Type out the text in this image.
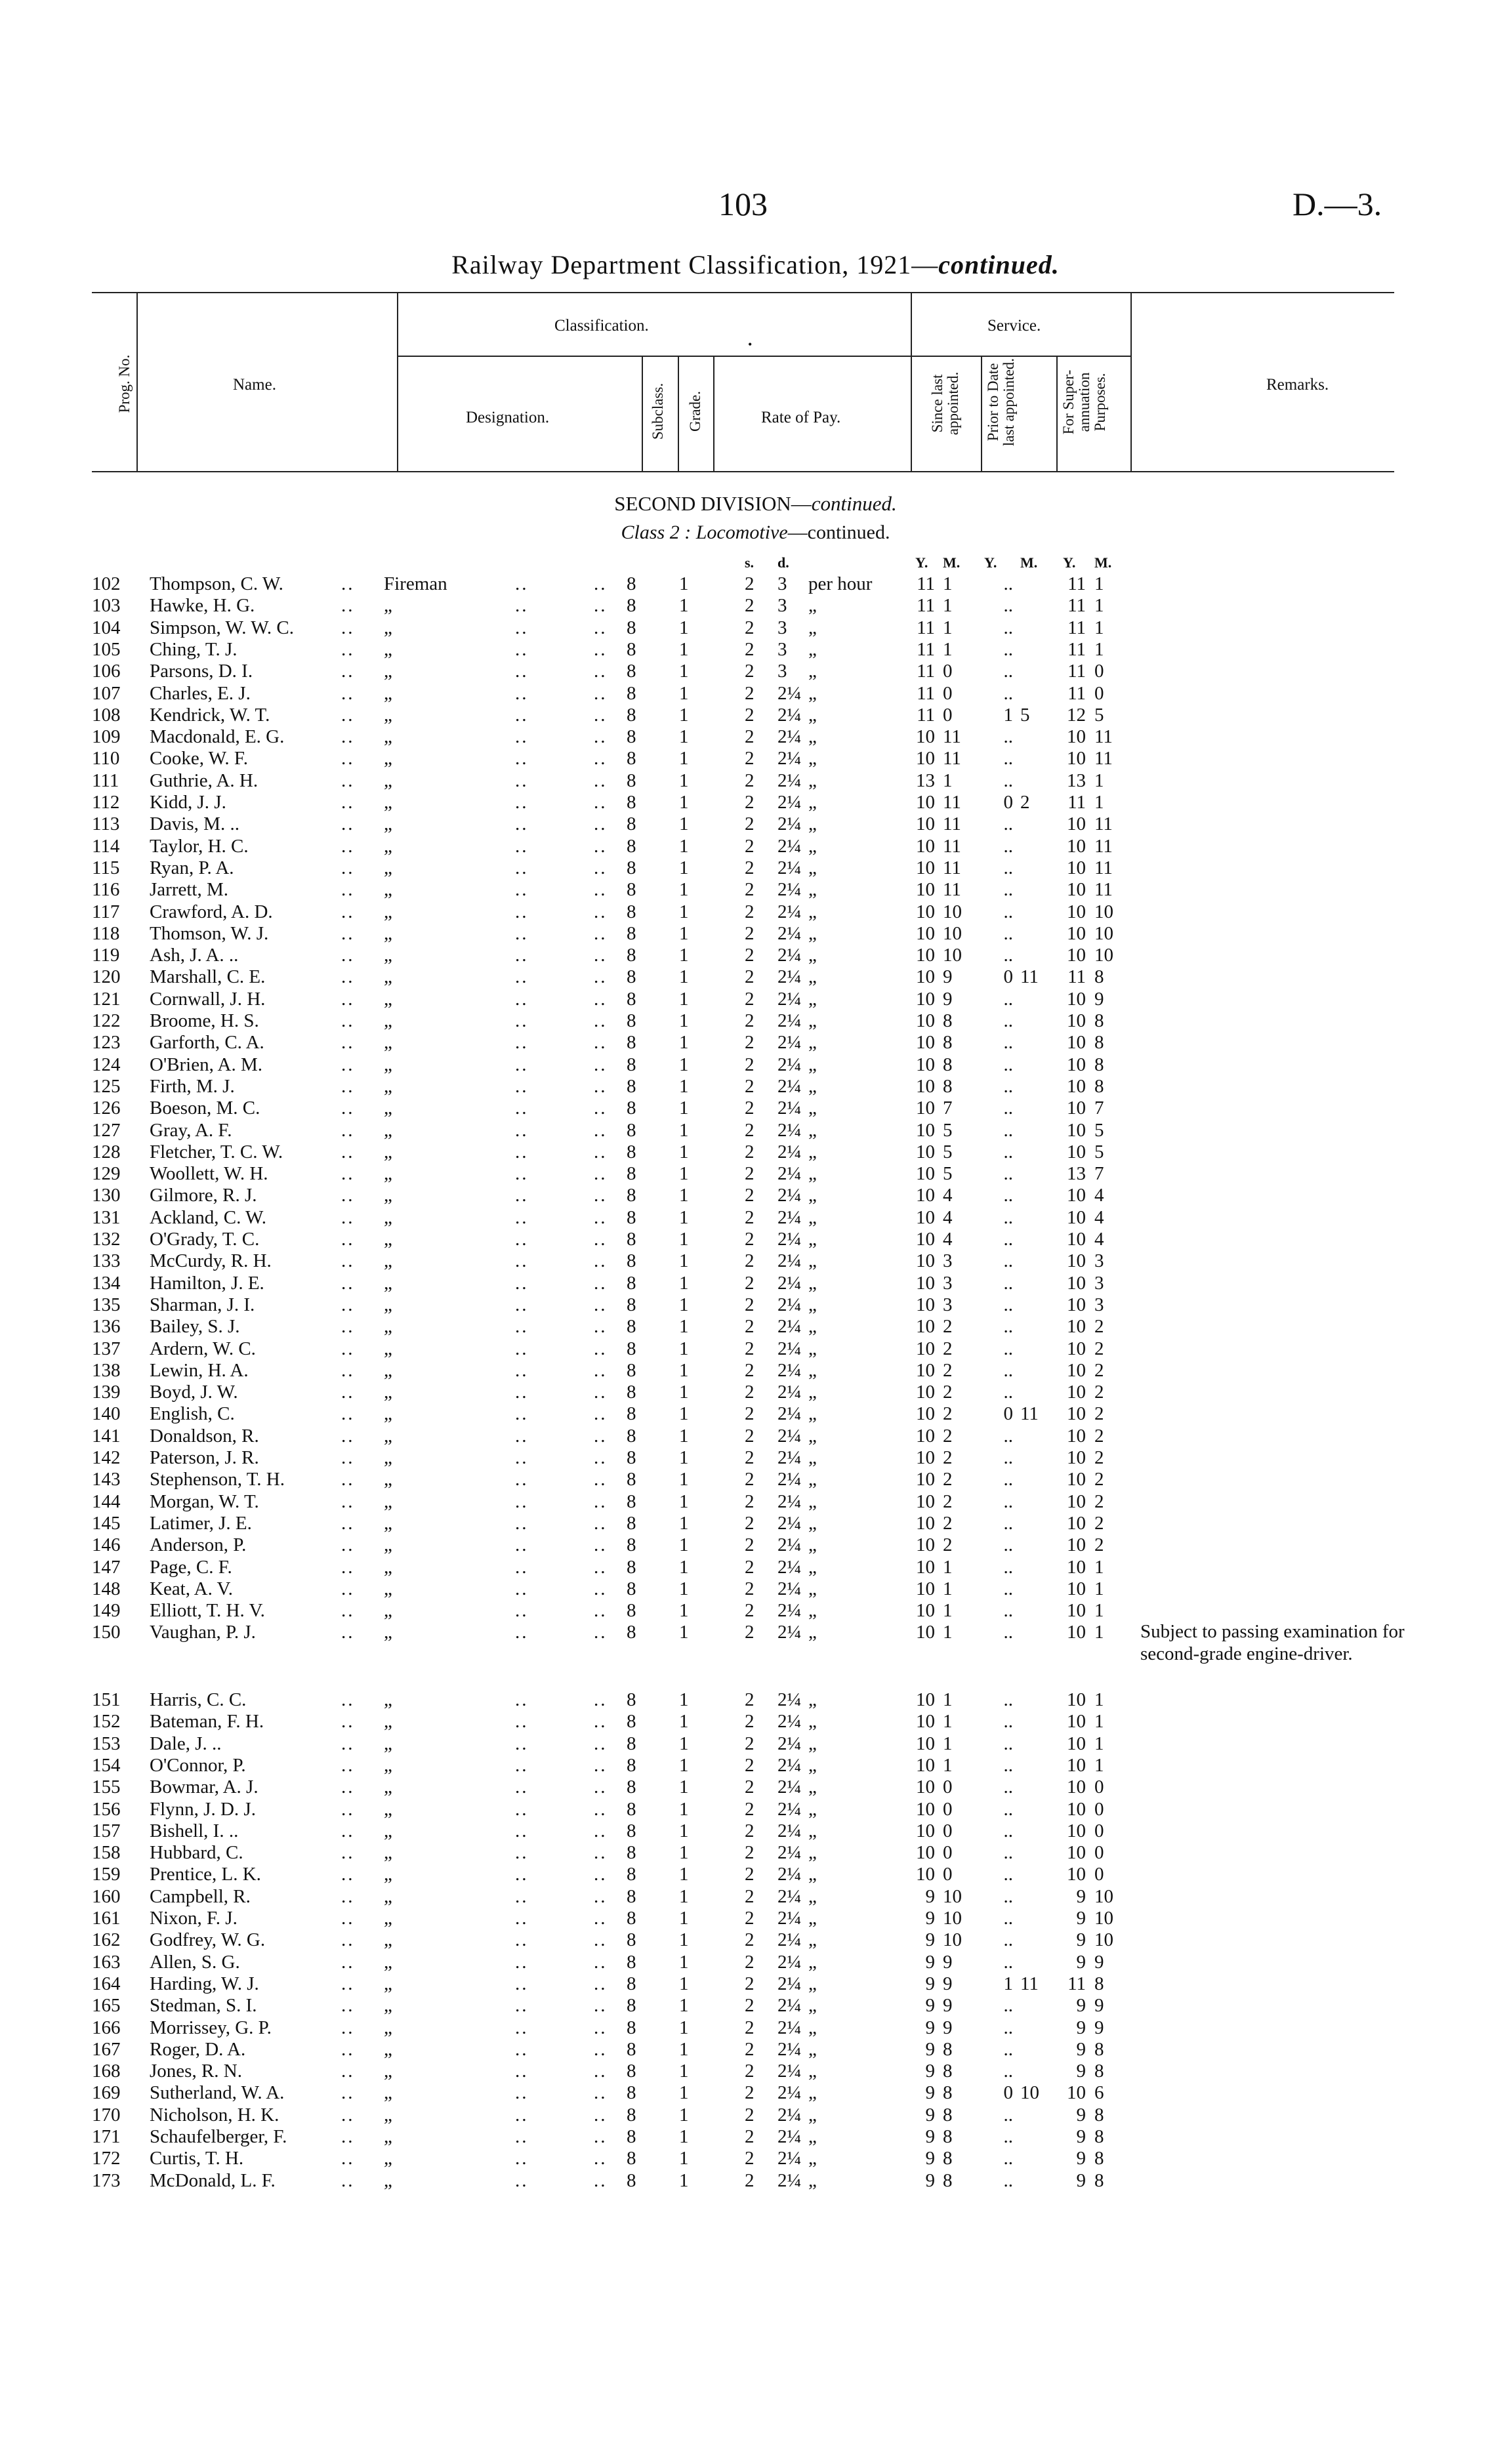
103	D.—3.
Railway Department Classification, 1921—continued.
Prog. No.	Name.
Classification.
•
Service.
Designation.	Subclass. Grade.	Rate of Pay.	Since last appointed. Prior to Date last appointed.	For Super-annuation Purposes.	Remarks.
SECOND DIVISION—continued.
Class 2 : Locomotive—continued.
s. d.	Y. M. Y. M. Y. M.
102 Thompson, C. W.	.. Fireman	..	.. 8 1	2 3 per hour	11 1	..	11 1
103 Hawke, H. G.	.. „	..	.. 8 1	2 3 „	11 1	..	11 1
104 Simpson, W. W. C. .. „	..	.. 8 1	2 3 „	11 1	..	11 1
105 Ching, T. J.	.. „	..	.. 8 1	2 3 „	11 1	..	11 1
106 Parsons, D. I.	.. „	..	.. 8 1	2 3 „	11 0	..	11 0
107 Charles, E. J.	.. „	..	.. 8 1	2 2¼ „	11 0	..	11 0
108 Kendrick, W. T.	.. „	..	.. 8 1	2 2¼ „	11 0	1 5	12 5
109 Macdonald, E. G.	.. „	..	.. 8 1	2 2¼ „	10 11	..	10 11
110 Cooke, W. F.	.. „	..	.. 8 1	2 2¼ „	10 11	..	10 11
111 Guthrie, A. H.	.. „	..	.. 8 1	2 2¼ „	13 1	..	13 1
112 Kidd, J. J.	.. „	..	.. 8 1	2 2¼ „	10 11	0 2	11 1
113 Davis, M. ..	.. „	..	.. 8 1	2 2¼ „	10 11	..	10 11
114 Taylor, H. C.	.. „	..	.. 8 1	2 2¼ „	10 11	..	10 11
115 Ryan, P. A.	.. „	..	.. 8 1	2 2¼ „	10 11	..	10 11
116 Jarrett, M.	.. „	..	.. 8 1	2 2¼ „	10 11	..	10 11
117 Crawford, A. D.	.. „	..	.. 8 1	2 2¼ „	10 10	..	10 10
118 Thomson, W. J.	.. „	..	.. 8 1	2 2¼ „	10 10	..	10 10
119 Ash, J. A. ..	.. „	..	.. 8 1	2 2¼ „	10 10	..	10 10
120 Marshall, C. E.	.. „	..	.. 8 1	2 2¼ „	10 9	0 11	11 8
121 Cornwall, J. H.	.. „	..	.. 8 1	2 2¼ „	10 9	..	10 9
122 Broome, H. S.	.. „	..	.. 8 1	2 2¼ „	10 8	..	10 8
123 Garforth, C. A.	.. „	..	.. 8 1	2 2¼ „	10 8	..	10 8
124 O'Brien, A. M.	.. „	..	.. 8 1	2 2¼ „	10 8	..	10 8
125 Firth, M. J.	.. „	..	.. 8 1	2 2¼ „	10 8	..	10 8
126 Boeson, M. C.	.. „	..	.. 8 1	2 2¼ „	10 7	..	10 7
127 Gray, A. F.	.. „	..	.. 8 1	2 2¼ „	10 5	..	10 5
128 Fletcher, T. C. W.	.. „	..	.. 8 1	2 2¼ „	10 5	..	10 5
129 Woollett, W. H.	.. „	..	.. 8 1	2 2¼ „	10 5	..	13 7
130 Gilmore, R. J.	.. „	..	.. 8 1	2 2¼ „	10 4	..	10 4
131 Ackland, C. W.	.. „	..	.. 8 1	2 2¼ „	10 4	..	10 4
132 O'Grady, T. C.	.. „	..	.. 8 1	2 2¼ „	10 4	..	10 4
133 McCurdy, R. H.	.. „	..	.. 8 1	2 2¼ „	10 3	..	10 3
134 Hamilton, J. E.	.. „	..	.. 8 1	2 2¼ „	10 3	..	10 3
135 Sharman, J. I.	.. „	..	.. 8 1	2 2¼ „	10 3	..	10 3
136 Bailey, S. J.	.. „	..	.. 8 1	2 2¼ „	10 2	..	10 2
137 Ardern, W. C.	.. „	..	.. 8 1	2 2¼ „	10 2	..	10 2
138 Lewin, H. A.	.. „	..	.. 8 1	2 2¼ „	10 2	..	10 2
139 Boyd, J. W.	.. „	..	.. 8 1	2 2¼ „	10 2	..	10 2
140 English, C.	.. „	..	.. 8 1	2 2¼ „	10 2	0 11	10 2
141 Donaldson, R.	.. „	..	.. 8 1	2 2¼ „	10 2	..	10 2
142 Paterson, J. R.	.. „	..	.. 8 1	2 2¼ „	10 2	..	10 2
143 Stephenson, T. H.	.. „	..	.. 8 1	2 2¼ „	10 2	..	10 2
144 Morgan, W. T.	.. „	..	.. 8 1	2 2¼ „	10 2	..	10 2
145 Latimer, J. E.	.. „	..	.. 8 1	2 2¼ „	10 2	..	10 2
146 Anderson, P.	.. „	..	.. 8 1	2 2¼ „	10 2	..	10 2
147 Page, C. F.	.. „	..	.. 8 1	2 2¼ „	10 1	..	10 1
148 Keat, A. V.	.. „	..	.. 8 1	2 2¼ „	10 1	..	10 1
149 Elliott, T. H. V.	.. „	..	.. 8 1	2 2¼ „	10 1	..	10 1
150 Vaughan, P. J.	.. „	..	.. 8 1	2 2¼ „	10 1	..	10 1
151 Harris, C. C.	.. „	..	.. 8 1	2 2¼ „	10 1	..	10 1
152 Bateman, F. H.	.. „	..	.. 8 1	2 2¼ „	10 1	..	10 1
153 Dale, J. ..	.. „	..	.. 8 1	2 2¼ „	10 1	..	10 1
154 O'Connor, P.	.. „	..	.. 8 1	2 2¼ „	10 1	..	10 1
155 Bowmar, A. J.	.. „	..	.. 8 1	2 2¼ „	10 0	..	10 0
156 Flynn, J. D. J.	.. „	..	.. 8 1	2 2¼ „	10 0	..	10 0
157 Bishell, I. ..	.. „	..	.. 8 1	2 2¼ „	10 0	..	10 0
158 Hubbard, C.	.. „	..	.. 8 1	2 2¼ „	10 0	..	10 0
159 Prentice, L. K.	.. „	..	.. 8 1	2 2¼ „	10 0	..	10 0
160 Campbell, R.	.. „	..	.. 8 1	2 2¼ „	9 10	..	9 10
161 Nixon, F. J.	.. „	..	.. 8 1	2 2¼ „	9 10	..	9 10
162 Godfrey, W. G.	.. „	..	.. 8 1	2 2¼ „	9 10	..	9 10
163 Allen, S. G.	.. „	..	.. 8 1	2 2¼ „	9 9	..	9 9
164 Harding, W. J.	.. „	..	.. 8 1	2 2¼ „	9 9	1 11	11 8
165 Stedman, S. I.	.. „	..	.. 8 1	2 2¼ „	9 9	..	9 9
166 Morrissey, G. P.	.. „	..	.. 8 1	2 2¼ „	9 9	..	9 9
167 Roger, D. A.	.. „	..	.. 8 1	2 2¼ „	9 8	..	9 8
168 Jones, R. N.	.. „	..	.. 8 1	2 2¼ „	9 8	..	9 8
169 Sutherland, W. A.	.. „	..	.. 8 1	2 2¼ „	9 8	0 10	10 6
170 Nicholson, H. K.	.. „	..	.. 8 1	2 2¼ „	9 8	..	9 8
171 Schaufelberger, F.	.. „	..	.. 8 1	2 2¼ „	9 8	..	9 8
172 Curtis, T. H.	.. „	..	.. 8 1	2 2¼ „	9 8	..	9 8
173 McDonald, L. F.	.. „	..	.. 8 1	2 2¼ „	9 8	..	9 8
Subject to passing examination for second-grade engine-driver.
